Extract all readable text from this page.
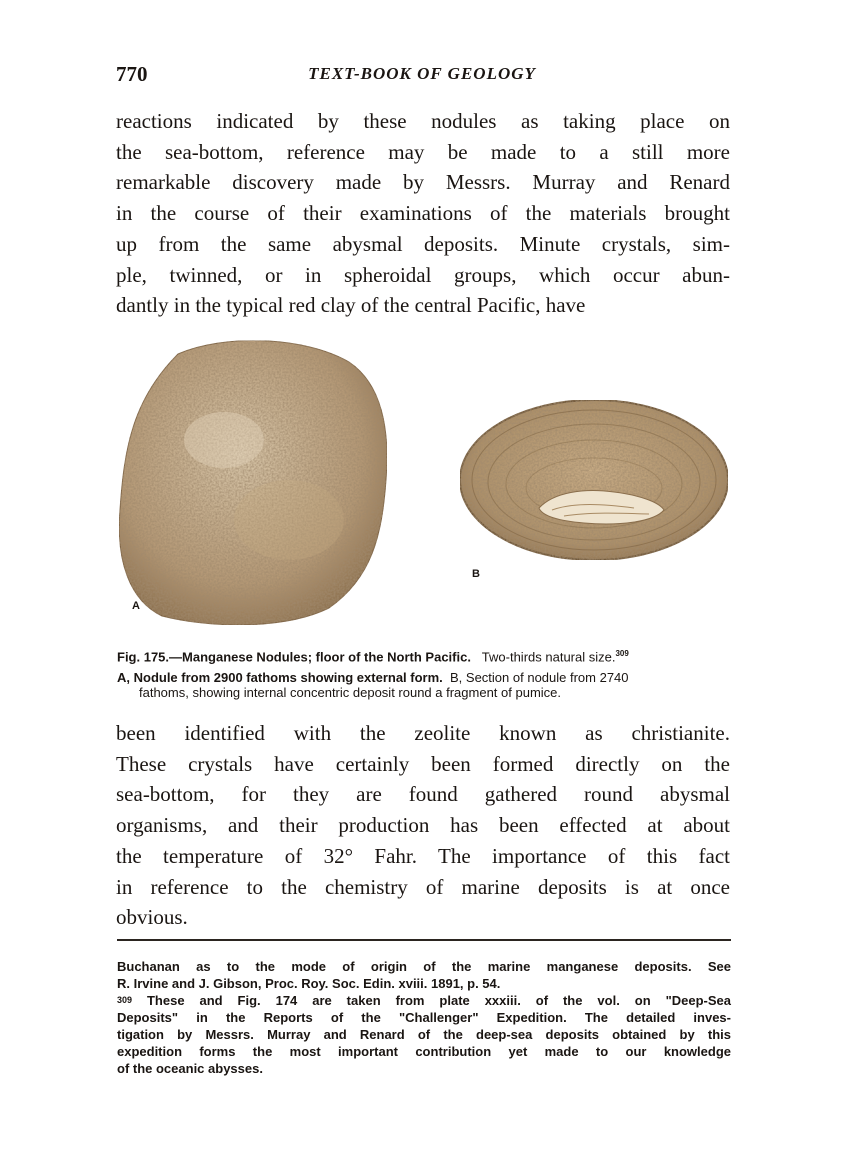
770	TEXT-BOOK OF GEOLOGY

reactions indicated by these nodules as taking place on
the sea-bottom, reference may be made to a still more
remarkable discovery made by Messrs. Murray and Renard
in the course of their examinations of the materials brought
up from the same abysmal deposits. Minute crystals, sim-
ple, twinned, or in spheroidal groups, which occur abun-
dantly in the typical red clay of the central Pacific, have

A
B
Fig. 175.—Manganese Nodules; floor of the North Pacific. Two-thirds natural size.$^{309}$
A, Nodule from 2900 fathoms showing external form. B, Section of nodule from 2740
fathoms, showing internal concentric deposit round a fragment of pumice.

been identified with the zeolite known as christianite.
These crystals have certainly been formed directly on the
sea-bottom, for they are found gathered round abysmal
organisms, and their production has been effected at about
the temperature of 32° Fahr. The importance of this fact
in reference to the chemistry of marine deposits is at once
obvious.

Buchanan as to the mode of origin of the marine manganese deposits. See
R. Irvine and J. Gibson, Proc. Roy. Soc. Edin. xviii. 1891, p. 54.
309 These and Fig. 174 are taken from plate xxxiii. of the vol. on "Deep-Sea
Deposits" in the Reports of the "Challenger" Expedition. The detailed inves-
tigation by Messrs. Murray and Renard of the deep-sea deposits obtained by this
expedition forms the most important contribution yet made to our knowledge
of the oceanic abysses.
